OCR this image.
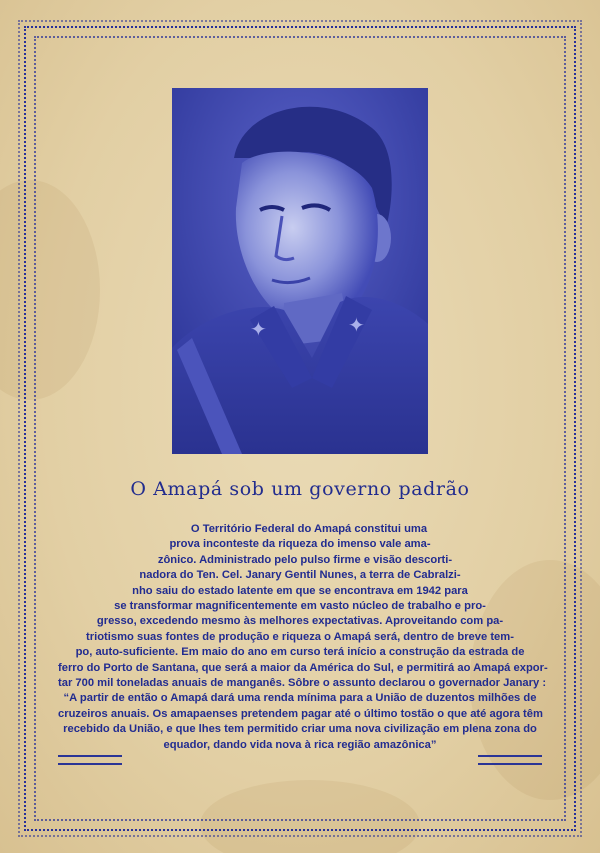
✦	✦
O Amapá sob um governo padrão
O Território Federal do Amapá constitui uma
prova inconteste da riqueza do imenso vale ama-
zônico. Administrado pelo pulso firme e visão descorti-
nadora do Ten. Cel. Janary Gentil Nunes, a terra de Cabralzi-
nho saiu do estado latente em que se encontrava em 1942 para
se transformar magnificentemente em vasto núcleo de trabalho e pro-
gresso, excedendo mesmo às melhores expectativas. Aproveitando com pa-
triotismo suas fontes de produção e riqueza o Amapá será, dentro de breve tem-
po, auto-suficiente. Em maio do ano em curso terá início a construção da estrada de
ferro do Porto de Santana, que será a maior da América do Sul, e permitirá ao Amapá expor-
tar 700 mil toneladas anuais de manganês. Sôbre o assunto declarou o governador Janary :
“A partir de então o Amapá dará uma renda mínima para a União de duzentos milhões de
cruzeiros anuais. Os amapaenses pretendem pagar até o último tostão o que até agora têm
recebido da União, e que lhes tem permitido criar uma nova civilização em plena zona do
equador, dando vida nova à rica região amazônica”
